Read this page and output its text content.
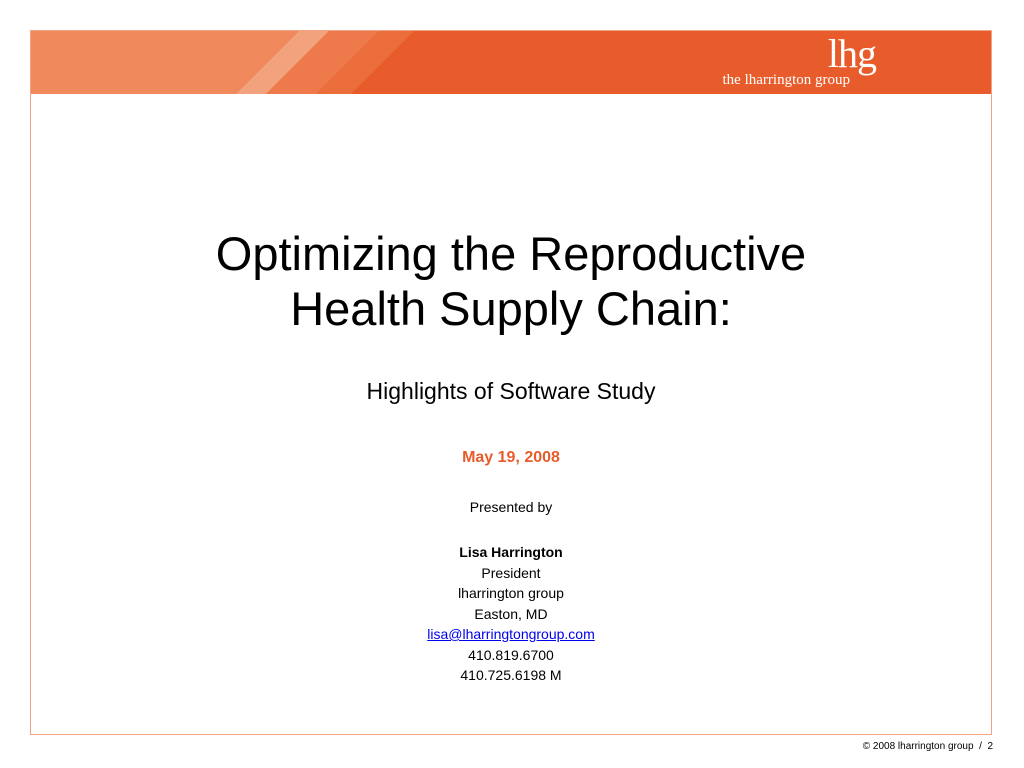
lhg
the lharrington group
Optimizing the Reproductive
Health Supply Chain:
Highlights of Software Study
May 19, 2008
Presented by
Lisa Harrington
President
lharrington group
Easton, MD
lisa@lharringtongroup.com
410.819.6700
410.725.6198 M
© 2008 lharrington group / 2
